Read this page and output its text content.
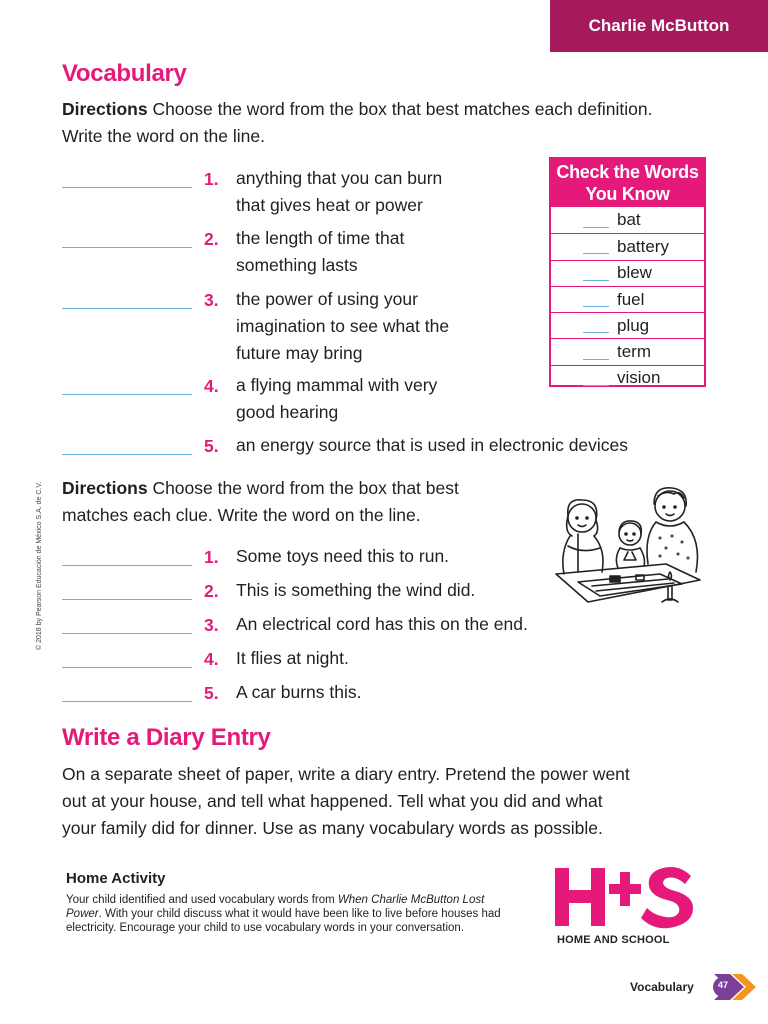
Charlie McButton
Vocabulary
Directions Choose the word from the box that best matches each definition. Write the word on the line.
1. anything that you can burn
that gives heat or power
2. the length of time that
something lasts
3. the power of using your
imagination to see what the
future may bring
4. a flying mammal with very
good hearing
5. an energy source that is used in electronic devices
Check the Words
You Know
bat
battery
blew
fuel
plug
term
vision
Directions Choose the word from the box that best
matches each clue. Write the word on the line.
1. Some toys need this to run.
2. This is something the wind did.
3. An electrical cord has this on the end.
4. It flies at night.
5. A car burns this.
Write a Diary Entry
On a separate sheet of paper, write a diary entry. Pretend the power went
out at your house, and tell what happened. Tell what you did and what
your family did for dinner. Use as many vocabulary words as possible.
Home Activity
Your child identified and used vocabulary words from When Charlie McButton Lost Power. With your child discuss what it would have been like to live before houses had electricity. Encourage your child to use vocabulary words in your conversation.
HOME AND SCHOOL
© 2018 by Pearson Educación de México S.A. de C.V.
Vocabulary	47
